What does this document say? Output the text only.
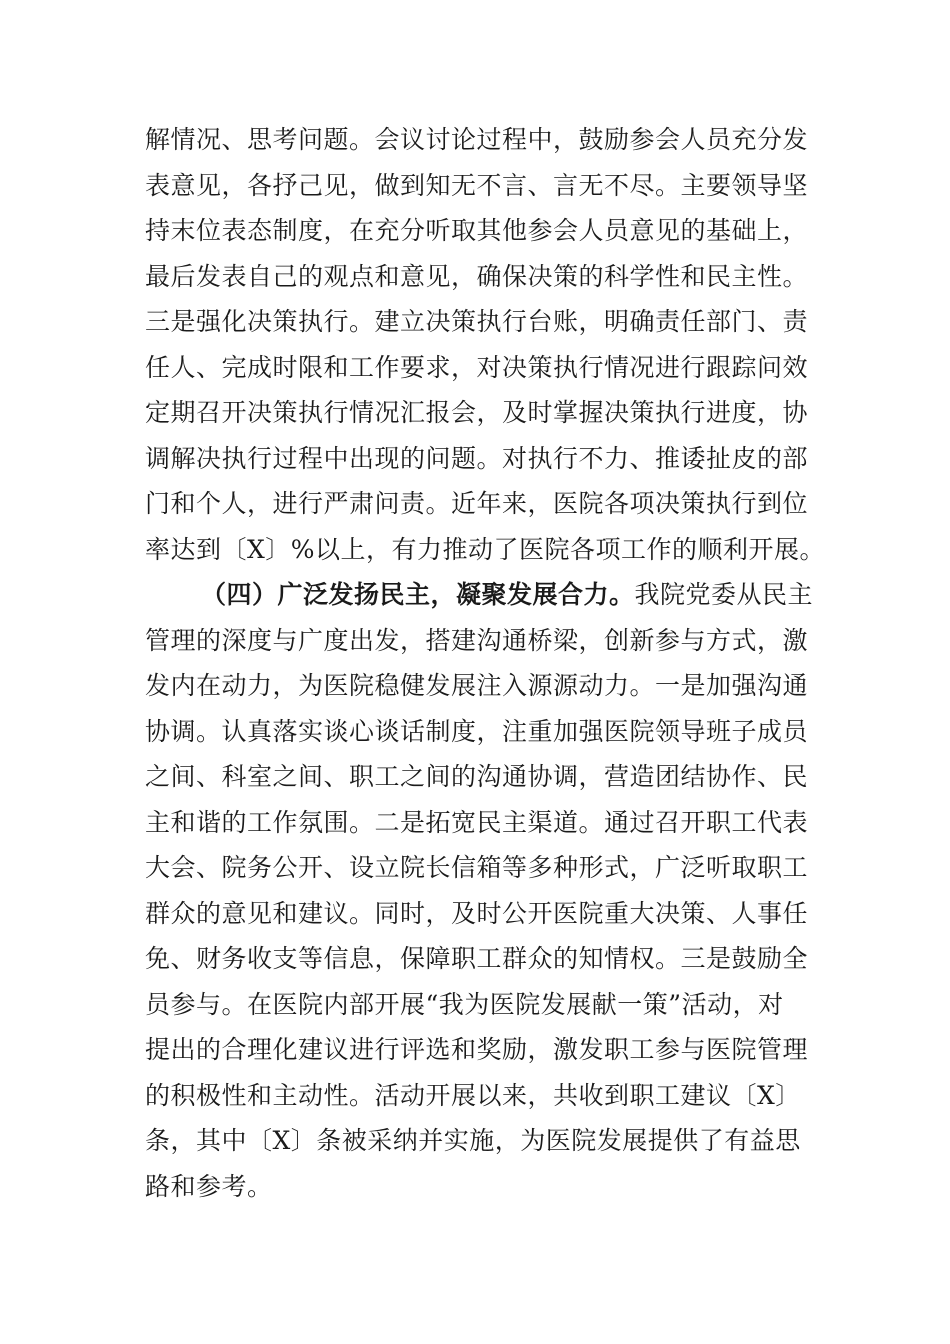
解情况、思考问题。会议讨论过程中，鼓励参会人员充分发
表意见，各抒己见，做到知无不言、言无不尽。主要领导坚
持末位表态制度，在充分听取其他参会人员意见的基础上，
最后发表自己的观点和意见，确保决策的科学性和民主性。
三是强化决策执行。建立决策执行台账，明确责任部门、责
任人、完成时限和工作要求，对决策执行情况进行跟踪问效
定期召开决策执行情况汇报会，及时掌握决策执行进度，协
调解决执行过程中出现的问题。对执行不力、推诿扯皮的部
门和个人，进行严肃问责。近年来，医院各项决策执行到位
率达到〔X〕%以上，有力推动了医院各项工作的顺利开展。
（四）广泛发扬民主，凝聚发展合力。我院党委从民主
管理的深度与广度出发，搭建沟通桥梁，创新参与方式，激
发内在动力，为医院稳健发展注入源源动力。一是加强沟通
协调。认真落实谈心谈话制度，注重加强医院领导班子成员
之间、科室之间、职工之间的沟通协调，营造团结协作、民
主和谐的工作氛围。二是拓宽民主渠道。通过召开职工代表
大会、院务公开、设立院长信箱等多种形式，广泛听取职工
群众的意见和建议。同时，及时公开医院重大决策、人事任
免、财务收支等信息，保障职工群众的知情权。三是鼓励全
员参与。在医院内部开展“我为医院发展献一策”活动，对
提出的合理化建议进行评选和奖励，激发职工参与医院管理
的积极性和主动性。活动开展以来，共收到职工建议〔X〕
条，其中〔X〕条被采纳并实施，为医院发展提供了有益思
路和参考。
